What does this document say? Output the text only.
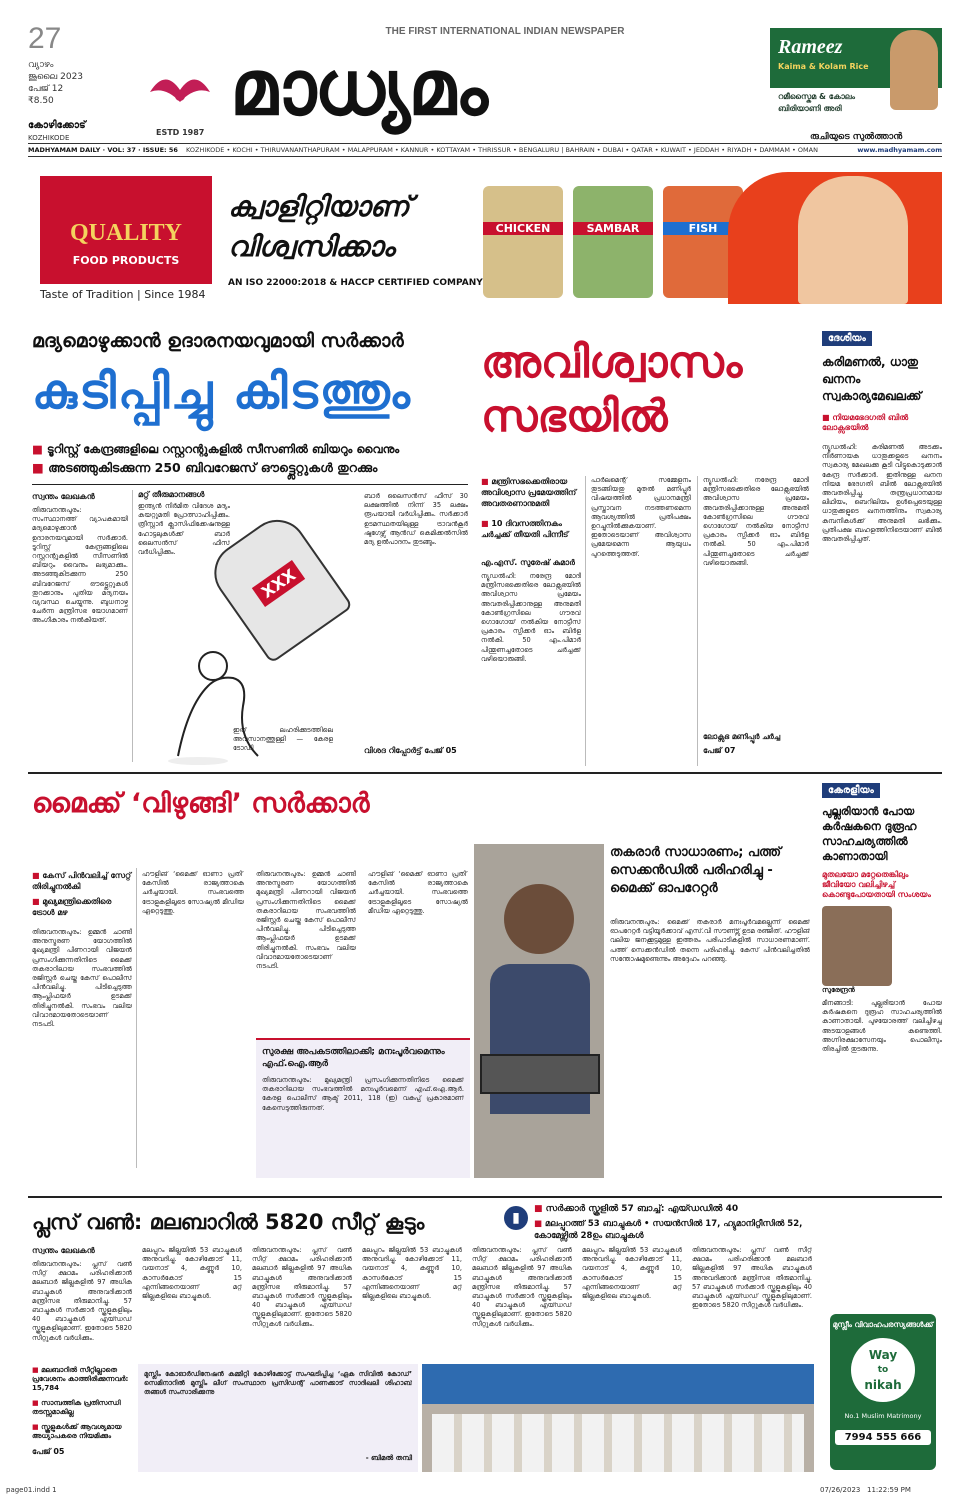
27
വ്യാഴം
ജൂലൈ 2023
പേജ് 12
₹8.50
കോഴിക്കോട്
KOZHIKODE
THE FIRST INTERNATIONAL INDIAN NEWSPAPER
ESTD 1987
മാധ്യമം	Rameez
Kaima & Kolam Rice
റമീസ്കൈമ & കോലം
ബിരിയാണി അരി
രുചിയുടെ സുൽത്താൻ
MADHYAMAM DAILY · VOL: 37 · ISSUE: 56 KOZHIKODE • KOCHI • THIRUVANANTHAPURAM • MALAPPURAM • KANNUR • KOTTAYAM • THRISSUR • BENGALURU | BAHRAIN • DUBAI • QATAR • KUWAIT • JEDDAH • RIYADH • DAMMAM • OMAN	www.madhyamam.com
QUALITY
FOOD PRODUCTS
Taste of Tradition | Since 1984
ക്വാളിറ്റിയാണ്
വിശ്വസിക്കാം
AN ISO 22000:2018 & HACCP CERTIFIED COMPANY
CHICKEN	SAMBAR	FISH
മദ്യമൊഴുക്കാൻ ഉദാരനയവുമായി സർക്കാർ
കുടിപ്പിച്ചു കിടത്തും
■ ടൂറിസ്റ്റ് കേന്ദ്രങ്ങളിലെ റസ്റ്ററന്റുകളിൽ സീസണിൽ ബിയറും വൈനും
■ അടഞ്ഞുകിടക്കുന്ന 250 ബിവറേജസ് ഔട്ട്ലെറ്റുകൾ തുറക്കും
സ്വന്തം ലേഖകൻ
തിരുവനന്തപുരം: സംസ്ഥാനത്ത് വ്യാപകമായി മദ്യമൊഴുക്കാൻ ഉദാരനയവുമായി സർക്കാർ. ടൂറിസ്റ്റ് കേന്ദ്രങ്ങളിലെ റസ്റ്ററന്റുകളിൽ സീസണിൽ ബിയറും വൈനും ലഭ്യമാക്കും. അടഞ്ഞുകിടക്കുന്ന 250 ബിവറേജസ് ഔട്ട്ലെറ്റുകൾ തുറക്കാനും പുതിയ മദ്യനയം വ്യവസ്ഥ ചെയ്യുന്നു. ബുധനാഴ്ച ചേർന്ന മന്ത്രിസഭ യോഗമാണ് അംഗീകാരം നൽകിയത്.
മറ്റ് തീരുമാനങ്ങൾ
ഇന്ത്യൻ നിർമിത വിദേശ മദ്യം കയറ്റുമതി പ്രോത്സാഹിപ്പിക്കും. ത്രീസ്റ്റാർ ക്ലാസിഫിക്കേഷനുള്ള ഹോട്ടലുകൾക്ക് ബാർ ലൈസൻസ് ഫീസ് വർധിപ്പിക്കും.
ബാർ ലൈസൻസ് ഫീസ് 30 ലക്ഷത്തിൽ നിന്ന് 35 ലക്ഷം രൂപയായി വർധിപ്പിക്കും. സർക്കാർ ഉടമസ്ഥതയിലുള്ള ട്രാവൻകൂർ ഷുഗേഴ്സ് ആൻഡ് കെമിക്കൽസിൽ മദ്യ ഉൽപാദനം തുടങ്ങും.
വിശദ റിപ്പോർട്ട് പേജ് 05
XXX
ഇത് ലഹരിക്കുടത്തിലെ അവസാനത്തുള്ളി — കേരള ടോഡി
അവിശ്വാസം സഭയിൽ
■ മന്ത്രിസഭക്കെതിരായ അവിശ്വാസ പ്രമേയത്തിന് അവതരണാനുമതി
■ 10 ദിവസത്തിനകം ചർച്ചക്ക് തീയതി പിന്നീട്
എ.എസ്. സുരേഷ് കുമാർ
ന്യൂഡൽഹി: നരേന്ദ്ര മോദി മന്ത്രിസഭക്കെതിരെ ലോക്സഭയിൽ അവിശ്വാസ പ്രമേയം അവതരിപ്പിക്കാനുള്ള അനുമതി കോൺഗ്രസിലെ ഗൗരവ് ഗൊഗോയ് നൽകിയ നോട്ടീസ് പ്രകാരം സ്പീക്കർ ഓം ബിർള നൽകി. 50 എം.പിമാർ പിന്തുണച്ചതോടെ ചർച്ചക്ക് വഴിയൊരുങ്ങി.
പാർലമെന്റ് സമ്മേളനം തുടങ്ങിയതു മുതൽ മണിപ്പൂർ വിഷയത്തിൽ പ്രധാനമന്ത്രി പ്രസ്താവന നടത്തണമെന്ന ആവശ്യത്തിൽ പ്രതിപക്ഷം ഉറച്ചുനിൽക്കുകയാണ്. ഇതോടെയാണ് അവിശ്വാസ പ്രമേയമെന്ന ആയുധം പുറത്തെടുത്തത്.
ന്യൂഡൽഹി: നരേന്ദ്ര മോദി മന്ത്രിസഭക്കെതിരെ ലോക്സഭയിൽ അവിശ്വാസ പ്രമേയം അവതരിപ്പിക്കാനുള്ള അനുമതി കോൺഗ്രസിലെ ഗൗരവ് ഗൊഗോയ് നൽകിയ നോട്ടീസ് പ്രകാരം സ്പീക്കർ ഓം ബിർള നൽകി. 50 എം.പിമാർ പിന്തുണച്ചതോടെ ചർച്ചക്ക് വഴിയൊരുങ്ങി.
ലോക്സഭ മണിപ്പൂർ ചർച്ച
പേജ് 07
ദേശീയം
കരിമണൽ, ധാതു ഖനനം സ്വകാര്യമേഖലക്ക്
■ നിയമഭേദഗതി ബിൽ ലോക്സഭയിൽ
ന്യൂഡൽഹി: കരിമണൽ അടക്കം നിർണായക ധാതുക്കളുടെ ഖനനം സ്വകാര്യ മേഖലക്കു കൂടി വിട്ടുകൊടുക്കാൻ കേന്ദ്ര സർക്കാർ. ഇതിനുള്ള ഖനന നിയമ ഭേദഗതി ബിൽ ലോക്സഭയിൽ അവതരിപ്പിച്ചു. തന്ത്രപ്രധാനമായ ലിഥിയം, ബെറിലിയം ഉൾപ്പെടെയുള്ള ധാതുക്കളുടെ ഖനനത്തിനും സ്വകാര്യ കമ്പനികൾക്ക് അനുമതി ലഭിക്കും. പ്രതിപക്ഷ ബഹളത്തിനിടെയാണ് ബിൽ അവതരിപ്പിച്ചത്.
മൈക്ക് ‘വിഴുങ്ങി’ സർക്കാർ
■ കേസ് പിൻവലിച്ച് സേറ്റ് തിരിച്ചുനൽകി
■ മുഖ്യമന്ത്രിക്കെതിരെ ട്രോൾ മഴ
തിരുവനന്തപുരം: ഉമ്മൻ ചാണ്ടി അനുസ്മരണ യോഗത്തിൽ മുഖ്യമന്ത്രി പിണറായി വിജയൻ പ്രസംഗിക്കുന്നതിനിടെ മൈക്ക് തകരാറിലായ സംഭവത്തിൽ രജിസ്റ്റർ ചെയ്ത കേസ് പൊലീസ് പിൻവലിച്ചു. പിടിച്ചെടുത്ത ആംപ്ലിഫയർ ഉടമക്ക് തിരിച്ചുനൽകി. സംഭവം വലിയ വിവാദമായതോടെയാണ് നടപടി.
ഹൗളിങ് ‘മൈക്ക് ഓണാ പ്രതി’ കേസിൽ രാജ്യത്താകെ ചർച്ചയായി. സംഭവത്തെ ട്രോളുകളിലൂടെ സോഷ്യൽ മീഡിയ ഏറ്റെടുത്തു.
തിരുവനന്തപുരം: ഉമ്മൻ ചാണ്ടി അനുസ്മരണ യോഗത്തിൽ മുഖ്യമന്ത്രി പിണറായി വിജയൻ പ്രസംഗിക്കുന്നതിനിടെ മൈക്ക് തകരാറിലായ സംഭവത്തിൽ രജിസ്റ്റർ ചെയ്ത കേസ് പൊലീസ് പിൻവലിച്ചു. പിടിച്ചെടുത്ത ആംപ്ലിഫയർ ഉടമക്ക് തിരിച്ചുനൽകി. സംഭവം വലിയ വിവാദമായതോടെയാണ് നടപടി.
ഹൗളിങ് ‘മൈക്ക് ഓണാ പ്രതി’ കേസിൽ രാജ്യത്താകെ ചർച്ചയായി. സംഭവത്തെ ട്രോളുകളിലൂടെ സോഷ്യൽ മീഡിയ ഏറ്റെടുത്തു.
സുരക്ഷ അപകടത്തിലാക്കി; മനഃപൂർവമെന്നും എഫ്.ഐ.ആർ
തിരുവനന്തപുരം: മുഖ്യമന്ത്രി പ്രസംഗിക്കുന്നതിനിടെ മൈക്ക് തകരാറിലായ സംഭവത്തിൽ മനഃപൂർവമെന്ന് എഫ്.ഐ.ആർ. കേരള പൊലീസ് ആക്ട് 2011, 118 (ഇ) വകുപ്പ് പ്രകാരമാണ് കേസെടുത്തിരുന്നത്.
തകരാർ സാധാരണം; പത്ത് സെക്കൻഡിൽ പരിഹരിച്ചു - മൈക്ക് ഓപറേറ്റർ
തിരുവനന്തപുരം: മൈക്ക് തകരാർ മനഃപൂർവമല്ലെന്ന് മൈക്ക് ഓപറേറ്റർ വട്ടിയൂർക്കാവ് എസ്.വി സൗണ്ട്സ് ഉടമ രഞ്ജിത്. ഹൗളിങ് വലിയ ജനക്കൂട്ടമുള്ള ഇത്തരം പരിപാടികളിൽ സാധാരണമാണ്. പത്ത് സെക്കൻഡിൽ തന്നെ പരിഹരിച്ചു. കേസ് പിൻവലിച്ചതിൽ സന്തോഷമുണ്ടെന്നും അദ്ദേഹം പറഞ്ഞു.
കേരളീയം
പുല്ലരിയാൻ പോയ കർഷകനെ ദുരൂഹ സാഹചര്യത്തിൽ കാണാതായി
മുതലയോ മറ്റേതെങ്കിലും ജീവിയോ വലിച്ചിഴച്ച് കൊണ്ടുപോയതായി സംശയം
സുരേന്ദ്രൻ
മീനങ്ങാടി: പുല്ലരിയാൻ പോയ കർഷകനെ ദുരൂഹ സാഹചര്യത്തിൽ കാണാതായി. പുഴയോരത്ത് വലിച്ചിഴച്ച അടയാളങ്ങൾ കണ്ടെത്തി. അഗ്നിരക്ഷാസേനയും പൊലീസും തിരച്ചിൽ തുടരുന്നു.
പ്ലസ് വൺ: മലബാറിൽ 5820 സീറ്റ് കൂടും	▮
■ സർക്കാർ സ്കൂളിൽ 57 ബാച്ച്: എയ്ഡഡിൽ 40
■ മലപ്പുറത്ത് 53 ബാച്ചുകൾ • സയൻസിൽ 17, ഹ്യുമാനിറ്റീസിൽ 52, കോമേഴ്സിൽ 28ഉം ബാച്ചുകൾ
സ്വന്തം ലേഖകൻ
തിരുവനന്തപുരം: പ്ലസ് വൺ സീറ്റ് ക്ഷാമം പരിഹരിക്കാൻ മലബാർ ജില്ലകളിൽ 97 അധിക ബാച്ചുകൾ അനുവദിക്കാൻ മന്ത്രിസഭ തീരുമാനിച്ചു. 57 ബാച്ചുകൾ സർക്കാർ സ്കൂളുകളിലും 40 ബാച്ചുകൾ എയ്ഡഡ് സ്കൂളുകളിലുമാണ്. ഇതോടെ 5820 സീറ്റുകൾ വർധിക്കും.
മലപ്പുറം ജില്ലയിൽ 53 ബാച്ചുകൾ അനുവദിച്ചു. കോഴിക്കോട് 11, വയനാട് 4, കണ്ണൂർ 10, കാസർകോട് 15 എന്നിങ്ങനെയാണ് മറ്റ് ജില്ലകളിലെ ബാച്ചുകൾ.
തിരുവനന്തപുരം: പ്ലസ് വൺ സീറ്റ് ക്ഷാമം പരിഹരിക്കാൻ മലബാർ ജില്ലകളിൽ 97 അധിക ബാച്ചുകൾ അനുവദിക്കാൻ മന്ത്രിസഭ തീരുമാനിച്ചു. 57 ബാച്ചുകൾ സർക്കാർ സ്കൂളുകളിലും 40 ബാച്ചുകൾ എയ്ഡഡ് സ്കൂളുകളിലുമാണ്. ഇതോടെ 5820 സീറ്റുകൾ വർധിക്കും.
മലപ്പുറം ജില്ലയിൽ 53 ബാച്ചുകൾ അനുവദിച്ചു. കോഴിക്കോട് 11, വയനാട് 4, കണ്ണൂർ 10, കാസർകോട് 15 എന്നിങ്ങനെയാണ് മറ്റ് ജില്ലകളിലെ ബാച്ചുകൾ.
തിരുവനന്തപുരം: പ്ലസ് വൺ സീറ്റ് ക്ഷാമം പരിഹരിക്കാൻ മലബാർ ജില്ലകളിൽ 97 അധിക ബാച്ചുകൾ അനുവദിക്കാൻ മന്ത്രിസഭ തീരുമാനിച്ചു. 57 ബാച്ചുകൾ സർക്കാർ സ്കൂളുകളിലും 40 ബാച്ചുകൾ എയ്ഡഡ് സ്കൂളുകളിലുമാണ്. ഇതോടെ 5820 സീറ്റുകൾ വർധിക്കും.
മലപ്പുറം ജില്ലയിൽ 53 ബാച്ചുകൾ അനുവദിച്ചു. കോഴിക്കോട് 11, വയനാട് 4, കണ്ണൂർ 10, കാസർകോട് 15 എന്നിങ്ങനെയാണ് മറ്റ് ജില്ലകളിലെ ബാച്ചുകൾ.
തിരുവനന്തപുരം: പ്ലസ് വൺ സീറ്റ് ക്ഷാമം പരിഹരിക്കാൻ മലബാർ ജില്ലകളിൽ 97 അധിക ബാച്ചുകൾ അനുവദിക്കാൻ മന്ത്രിസഭ തീരുമാനിച്ചു. 57 ബാച്ചുകൾ സർക്കാർ സ്കൂളുകളിലും 40 ബാച്ചുകൾ എയ്ഡഡ് സ്കൂളുകളിലുമാണ്. ഇതോടെ 5820 സീറ്റുകൾ വർധിക്കും.
■ മലബാറിൽ സീറ്റില്ലാതെ പ്രവേശനം കാത്തിരിക്കുന്നവർ: 15,784
■ സാമ്പത്തിക പ്രതിസന്ധി തടസ്സമാകില്ല
■ സ്കൂളുകൾക്ക് ആവശ്യമായ അധ്യാപകരെ നിയമിക്കും
പേജ് 05
മുസ്ലിം കോഓർഡിനേഷൻ കമ്മിറ്റി കോഴിക്കോട്ട് സംഘടിപ്പിച്ച ‘ഏക സിവിൽ കോഡ്’ സെമിനാറിൽ മുസ്ലിം ലീഗ് സംസ്ഥാന പ്രസിഡന്റ് പാണക്കാട് സാദിഖലി ശിഹാബ് തങ്ങൾ സംസാരിക്കുന്നു
- ബിമൽ തമ്പി
മുസ്ലീം വിവാഹപരസ്യങ്ങൾക്ക്
Way
to
nikah
No.1 Muslim Matrimony
7994 555 666
page01.indd 1	07/26/2023   11:22:59 PM
